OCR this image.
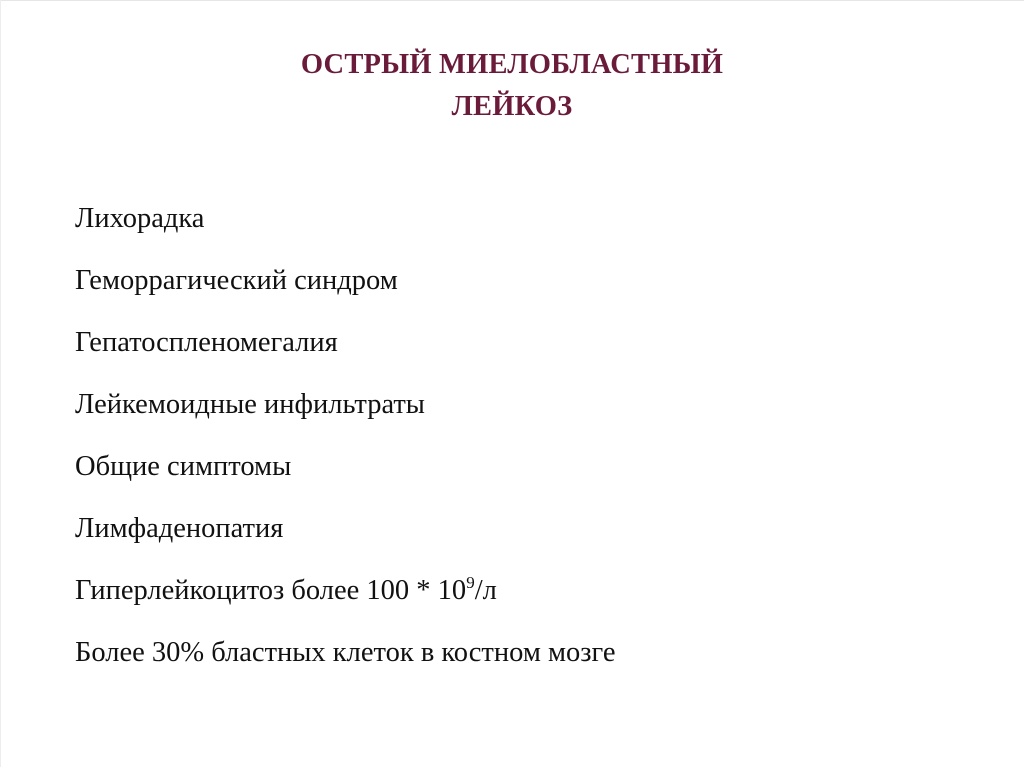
ОСТРЫЙ МИЕЛОБЛАСТНЫЙ
ЛЕЙКОЗ
Лихорадка
Геморрагический синдром
Гепатоспленомегалия
Лейкемоидные инфильтраты
Общие симптомы
Лимфаденопатия
Гиперлейкоцитоз более $100 * 10^9/л$
Более 30% бластных клеток в костном мозге
